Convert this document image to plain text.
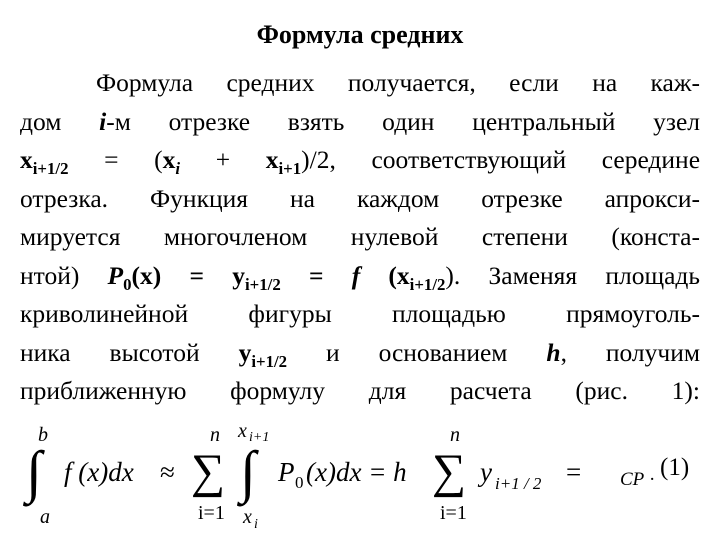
Формула средних
Формула средних получается, если на каж-
дом i-м отрезке взять один центральный узел
$x_{i+1/2} = (x_i + x_{i+1})/2$, соответствующий середине
отрезка. Функция на каждом отрезке апрокси-
мируется многочленом нулевой степени (конста-
нтой) $P_0(x) = y_{i+1/2} = f$ $(x_{i+1/2})$. Заменяя площадь
криволинейной фигуры площадью прямоуголь-
ника высотой $y_{i+1/2}$ и основанием h, получим
приближенную формулу для расчета (рис. 1):
b
∫
a
f (x)dx ≈
n
∑
i=1
x i+1
∫
x i
P 0 (x)dx = h
n
∑
i=1
y i+1 / 2 = CP · (1)
